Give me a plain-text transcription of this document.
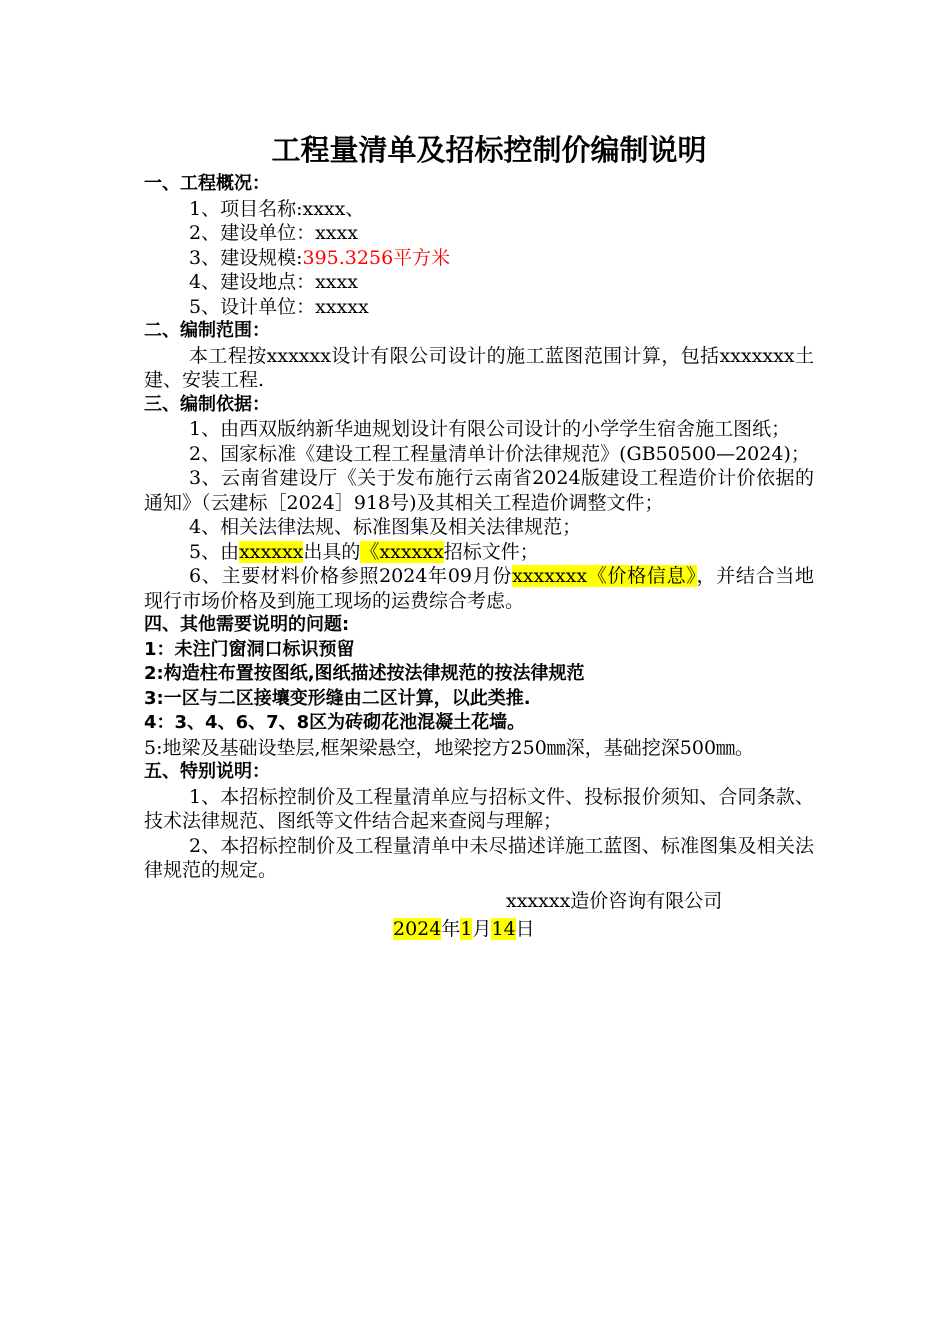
工程量清单及招标控制价编制说明
一、工程概况：
1、项目名称:xxxx、
2、建设单位：xxxx
3、建设规模:395.3256平方米
4、建设地点：xxxx
5、设计单位：xxxxx
二、编制范围：
本工程按xxxxxx设计有限公司设计的施工蓝图范围计算，包括xxxxxxx土建、安装工程.
三、编制依据：
1、由西双版纳新华迪规划设计有限公司设计的小学学生宿舍施工图纸；
2、国家标准《建设工程工程量清单计价法律规范》(GB50500—2024)；
3、云南省建设厅《关于发布施行云南省2024版建设工程造价计价依据的通知》（云建标［2024］918号)及其相关工程造价调整文件；
4、相关法律法规、标准图集及相关法律规范；
5、由xxxxxx出具的《xxxxxx招标文件；
6、主要材料价格参照2024年09月份xxxxxxx《价格信息》，并结合当地现行市场价格及到施工现场的运费综合考虑。
四、其他需要说明的问题:
1：未注门窗洞口标识预留
2:构造柱布置按图纸,图纸描述按法律规范的按法律规范
3:一区与二区接壤变形缝由二区计算，以此类推.
4：3、4、6、7、8区为砖砌花池混凝土花墙。
5:地梁及基础设垫层,框架梁悬空，地梁挖方250㎜深，基础挖深500㎜。
五、特别说明：
1、本招标控制价及工程量清单应与招标文件、投标报价须知、合同条款、技术法律规范、图纸等文件结合起来查阅与理解；
2、本招标控制价及工程量清单中未尽描述详施工蓝图、标准图集及相关法律规范的规定。
xxxxxx造价咨询有限公司
2024年1月14日
